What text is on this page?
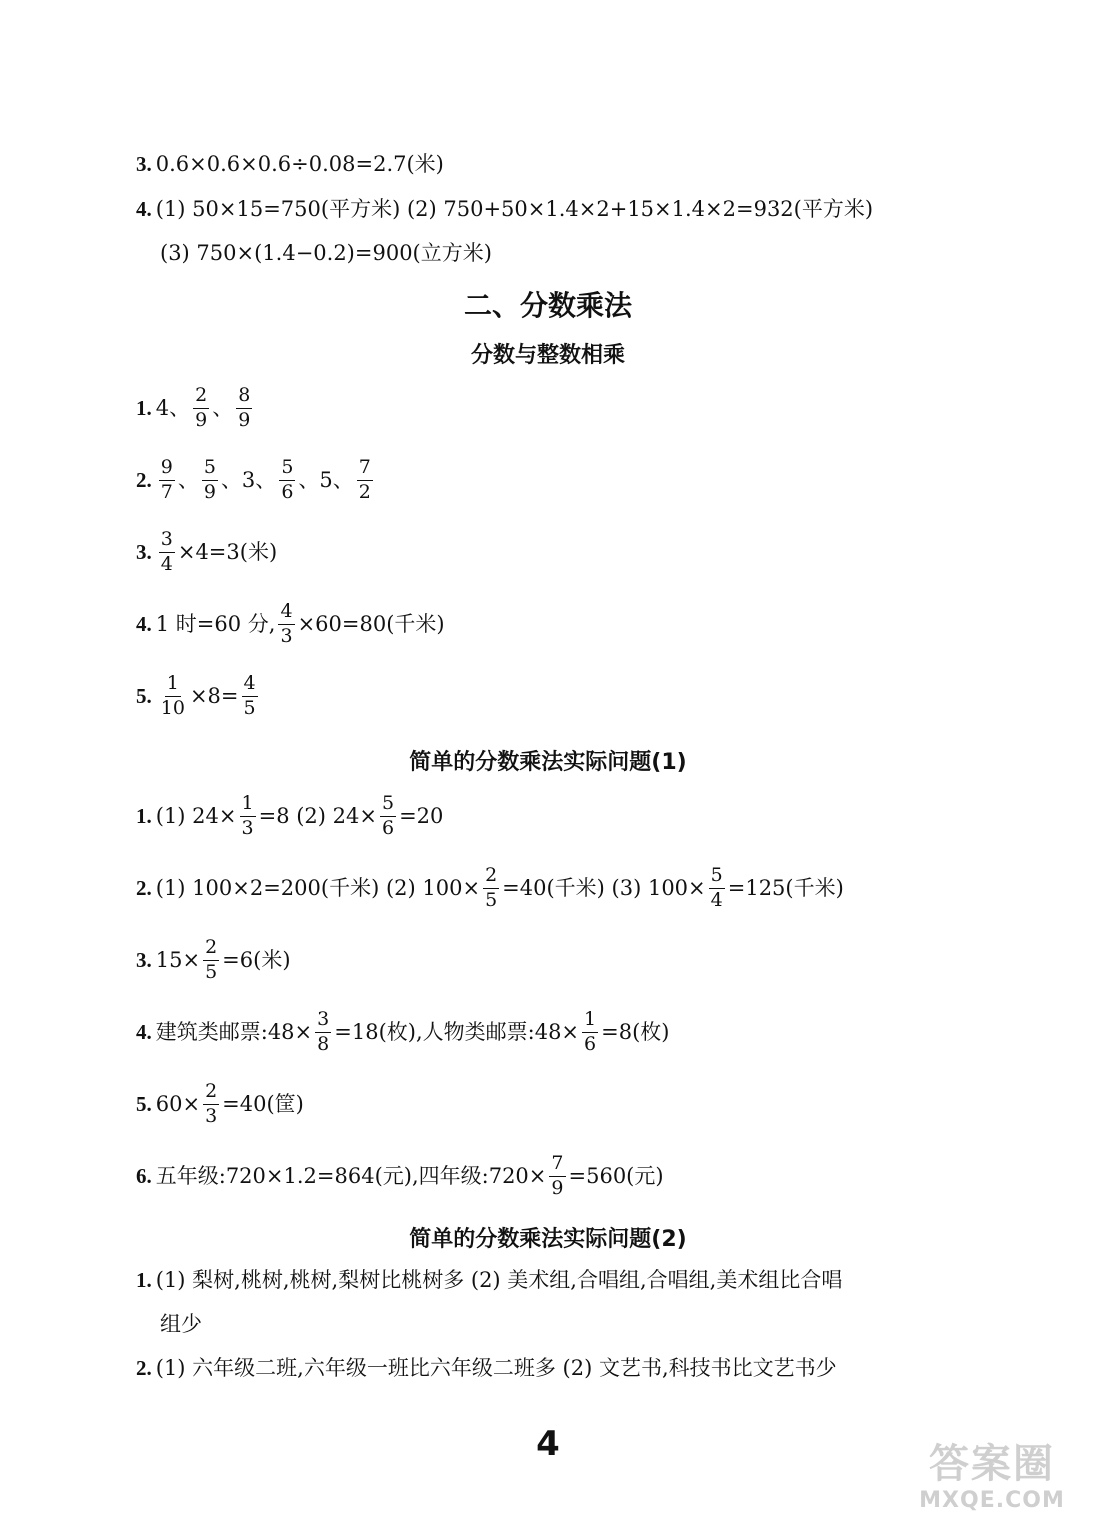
3. 0.6×0.6×0.6÷0.08=2.7(米)
4. (1) 50×15=750(平方米) (2) 750+50×1.4×2+15×1.4×2=932(平方米)
(3) 750×(1.4−0.2)=900(立方米)
二、分数乘法
分数与整数相乘
1. 4、 $\frac{2}{9}$ 、 $\frac{8}{9}$
2. $\frac{9}{7}$ 、 $\frac{5}{9}$ 、3、 $\frac{5}{6}$ 、5、 $\frac{7}{2}$
3. $\frac{3}{4} \times 4=3$(米)
4. 1 时=60 分, $\frac{4}{3} \times 60=80$(千米)
5. $\frac{1}{10} \times 8= \frac{4}{5}$
简单的分数乘法实际问题(1)
1. (1) $24\times \frac{1}{3} =8$ (2) $24\times \frac{5}{6} =20$
2. (1) 100×2=200(千米) (2) $100\times \frac{2}{5} =40$(千米) (3) $100\times \frac{5}{4} =125$(千米)
3. $15\times \frac{2}{5} =6$(米)
4. 建筑类邮票:48× $\frac{3}{8} =18$(枚),人物类邮票:48× $\frac{1}{6} =8$(枚)
5. $60\times \frac{2}{3} =40$(筐)
6. 五年级:720×1.2=864(元),四年级:720× $\frac{7}{9} =560$(元)
简单的分数乘法实际问题(2)
1. (1) 梨树,桃树,桃树,梨树比桃树多 (2) 美术组,合唱组,合唱组,美术组比合唱
组少
2. (1) 六年级二班,六年级一班比六年级二班多 (2) 文艺书,科技书比文艺书少
4	答案圈
MXQE.COM
